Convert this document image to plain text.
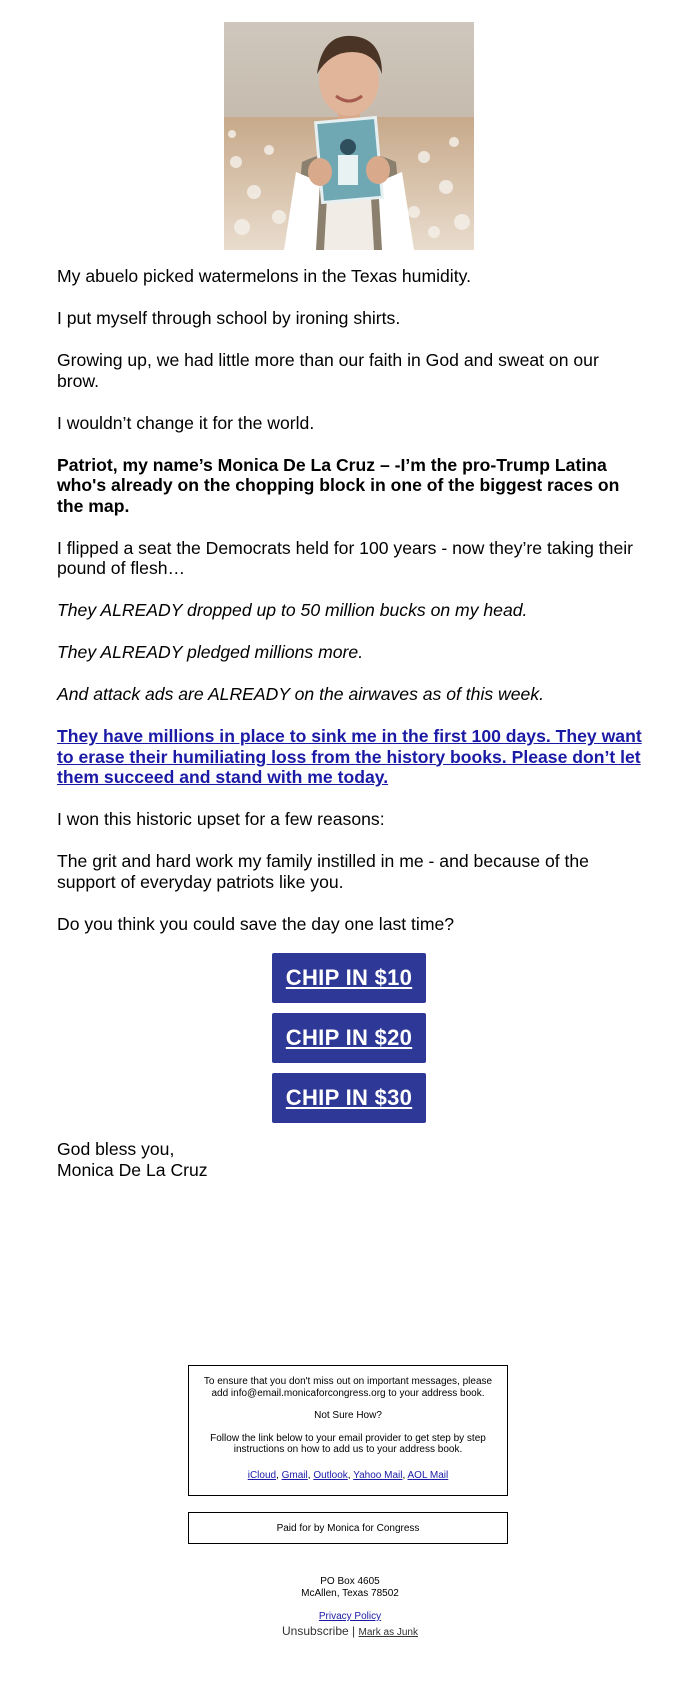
My abuelo picked watermelons in the Texas humidity.

I put myself through school by ironing shirts.

Growing up, we had little more than our faith in God and sweat on our brow.

I wouldn’t change it for the world.

Patriot, my name’s Monica De La Cruz – -I’m the pro-Trump Latina who's already on the chopping block in one of the biggest races on the map.

I flipped a seat the Democrats held for 100 years - now they’re taking their pound of flesh…

They ALREADY dropped up to 50 million bucks on my head.

They ALREADY pledged millions more.

And attack ads are ALREADY on the airwaves as of this week.

They have millions in place to sink me in the first 100 days. They want to erase their humiliating loss from the history books. Please don’t let them succeed and stand with me today.

I won this historic upset for a few reasons:

The grit and hard work my family instilled in me - and because of the support of everyday patriots like you.

Do you think you could save the day one last time?

CHIP IN $10
CHIP IN $20
CHIP IN $30
God bless you,
Monica De La Cruz

To ensure that you don't miss out on important messages, please add info@email.monicaforcongress.org to your address book.

Not Sure How?

Follow the link below to your email provider to get step by step instructions on how to add us to your address book.

iCloud, Gmail, Outlook, Yahoo Mail, AOL Mail

Paid for by Monica for Congress
PO Box 4605
McAllen, Texas 78502
Privacy Policy
Unsubscribe | Mark as Junk
